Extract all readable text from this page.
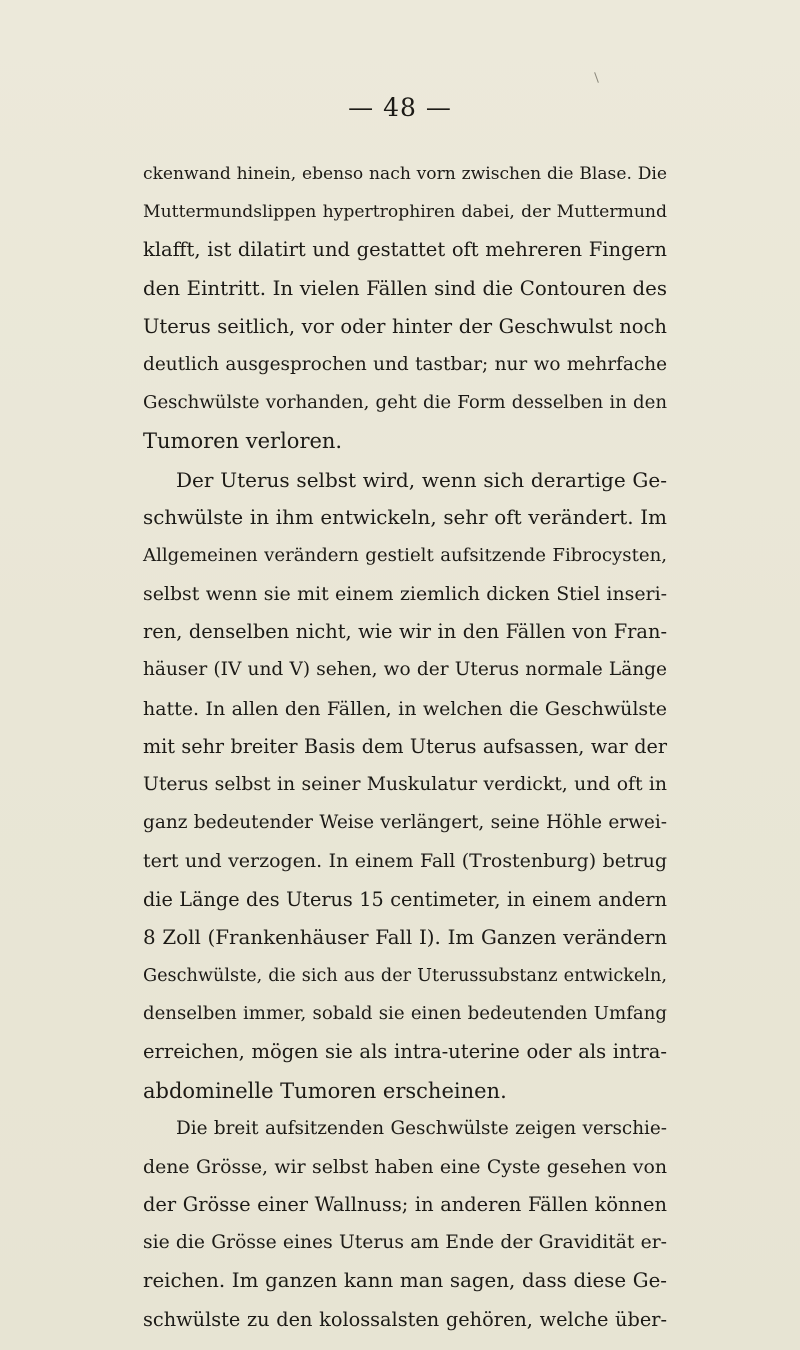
— 48 —
ckenwand hinein, ebenso nach vorn zwischen die Blase. Die
Muttermundslippen hypertrophiren dabei, der Muttermund
klafft, ist dilatirt und gestattet oft mehreren Fingern
den Eintritt. In vielen Fällen sind die Contouren des
Uterus seitlich, vor oder hinter der Geschwulst noch
deutlich ausgesprochen und tastbar; nur wo mehrfache
Geschwülste vorhanden, geht die Form desselben in den
Tumoren verloren.
Der Uterus selbst wird, wenn sich derartige Ge-
schwülste in ihm entwickeln, sehr oft verändert. Im
Allgemeinen verändern gestielt aufsitzende Fibrocysten,
selbst wenn sie mit einem ziemlich dicken Stiel inseri-
ren, denselben nicht, wie wir in den Fällen von Fran-
häuser (IV und V) sehen, wo der Uterus normale Länge
hatte. In allen den Fällen, in welchen die Geschwülste
mit sehr breiter Basis dem Uterus aufsassen, war der
Uterus selbst in seiner Muskulatur verdickt, und oft in
ganz bedeutender Weise verlängert, seine Höhle erwei-
tert und verzogen. In einem Fall (Trostenburg) betrug
die Länge des Uterus 15 centimeter, in einem andern
8 Zoll (Frankenhäuser Fall I). Im Ganzen verändern
Geschwülste, die sich aus der Uterussubstanz entwickeln,
denselben immer, sobald sie einen bedeutenden Umfang
erreichen, mögen sie als intra-uterine oder als intra-
abdominelle Tumoren erscheinen.
Die breit aufsitzenden Geschwülste zeigen verschie-
dene Grösse, wir selbst haben eine Cyste gesehen von
der Grösse einer Wallnuss; in anderen Fällen können
sie die Grösse eines Uterus am Ende der Gravidität er-
reichen. Im ganzen kann man sagen, dass diese Ge-
schwülste zu den kolossalsten gehören, welche über-
